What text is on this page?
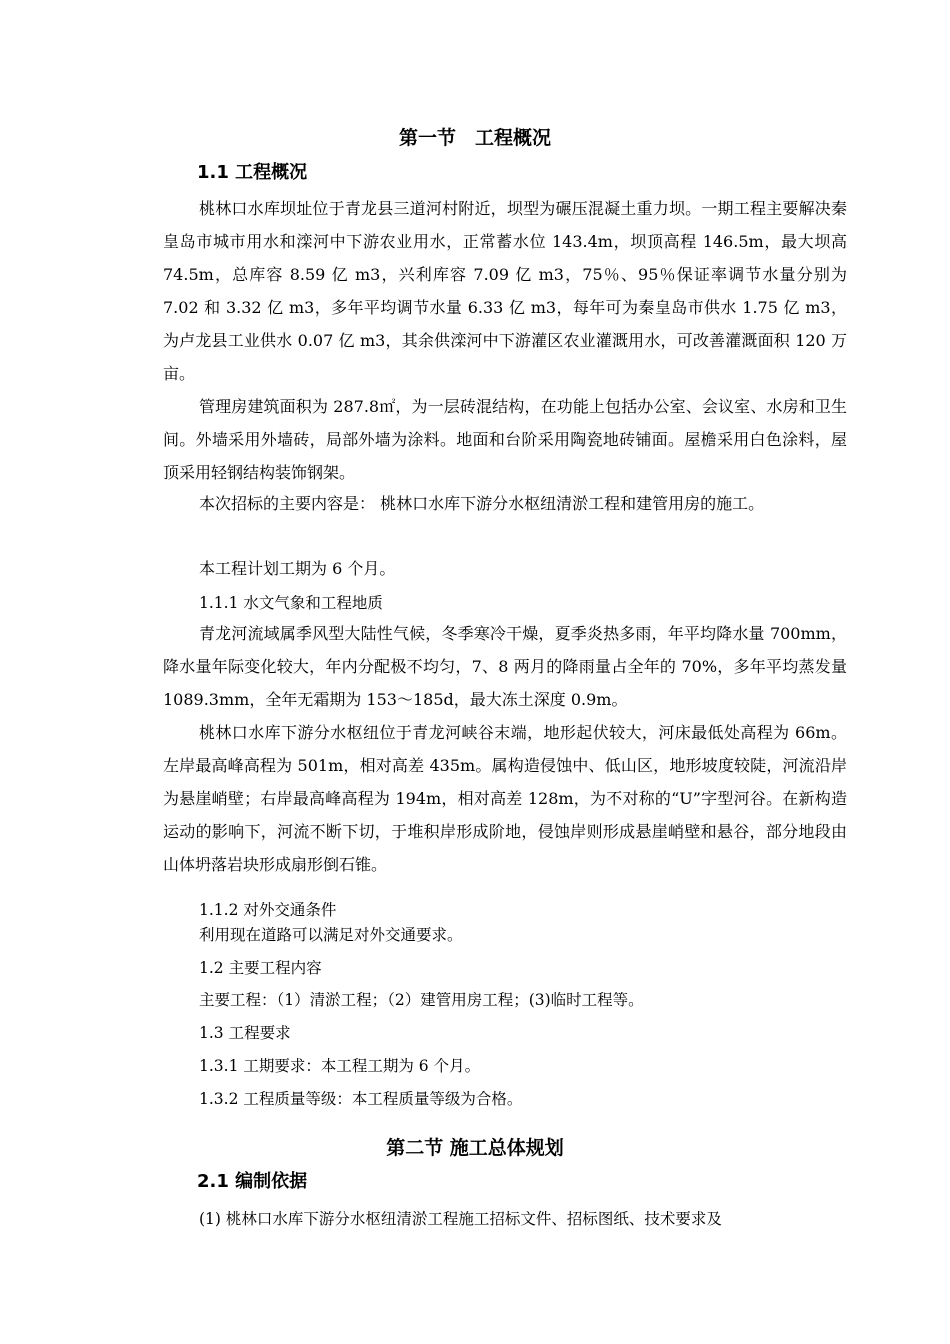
第一节　工程概况
1.1 工程概况

桃林口水库坝址位于青龙县三道河村附近，坝型为碾压混凝土重力坝。一期工程主要解决秦皇岛市城市用水和滦河中下游农业用水，正常蓄水位 143.4m，坝顶高程 146.5m，最大坝高 74.5m，总库容 8.59 亿 m3，兴利库容 7.09 亿 m3，75％、95％保证率调节水量分别为 7.02 和 3.32 亿 m3，多年平均调节水量 6.33 亿 m3，每年可为秦皇岛市供水 1.75 亿 m3，为卢龙县工业供水 0.07 亿 m3，其余供滦河中下游灌区农业灌溉用水，可改善灌溉面积 120 万亩。

管理房建筑面积为 287.8㎡，为一层砖混结构，在功能上包括办公室、会议室、水房和卫生间。外墙采用外墙砖，局部外墙为涂料。地面和台阶采用陶瓷地砖铺面。屋檐采用白色涂料，屋顶采用轻钢结构装饰钢架。

本次招标的主要内容是： 桃林口水库下游分水枢纽清淤工程和建管用房的施工。

本工程计划工期为 6 个月。

1.1.1 水文气象和工程地质

青龙河流域属季风型大陆性气候，冬季寒冷干燥，夏季炎热多雨，年平均降水量 700mm，降水量年际变化较大，年内分配极不均匀，7、8 两月的降雨量占全年的 70%，多年平均蒸发量 1089.3mm，全年无霜期为 153～185d，最大冻土深度 0.9m。

桃林口水库下游分水枢纽位于青龙河峡谷末端，地形起伏较大，河床最低处高程为 66m。左岸最高峰高程为 501m，相对高差 435m。属构造侵蚀中、低山区，地形坡度较陡，河流沿岸为悬崖峭壁；右岸最高峰高程为 194m，相对高差 128m，为不对称的“U”字型河谷。在新构造运动的影响下，河流不断下切，于堆积岸形成阶地，侵蚀岸则形成悬崖峭壁和悬谷，部分地段由山体坍落岩块形成扇形倒石锥。

1.1.2 对外交通条件
利用现在道路可以满足对外交通要求。
1.2 主要工程内容
主要工程：（1）清淤工程；（2）建管用房工程；(3)临时工程等。
1.3 工程要求
1.3.1 工期要求：本工程工期为 6 个月。
1.3.2 工程质量等级：本工程质量等级为合格。
第二节 施工总体规划
2.1 编制依据
(1) 桃林口水库下游分水枢纽清淤工程施工招标文件、招标图纸、技术要求及
